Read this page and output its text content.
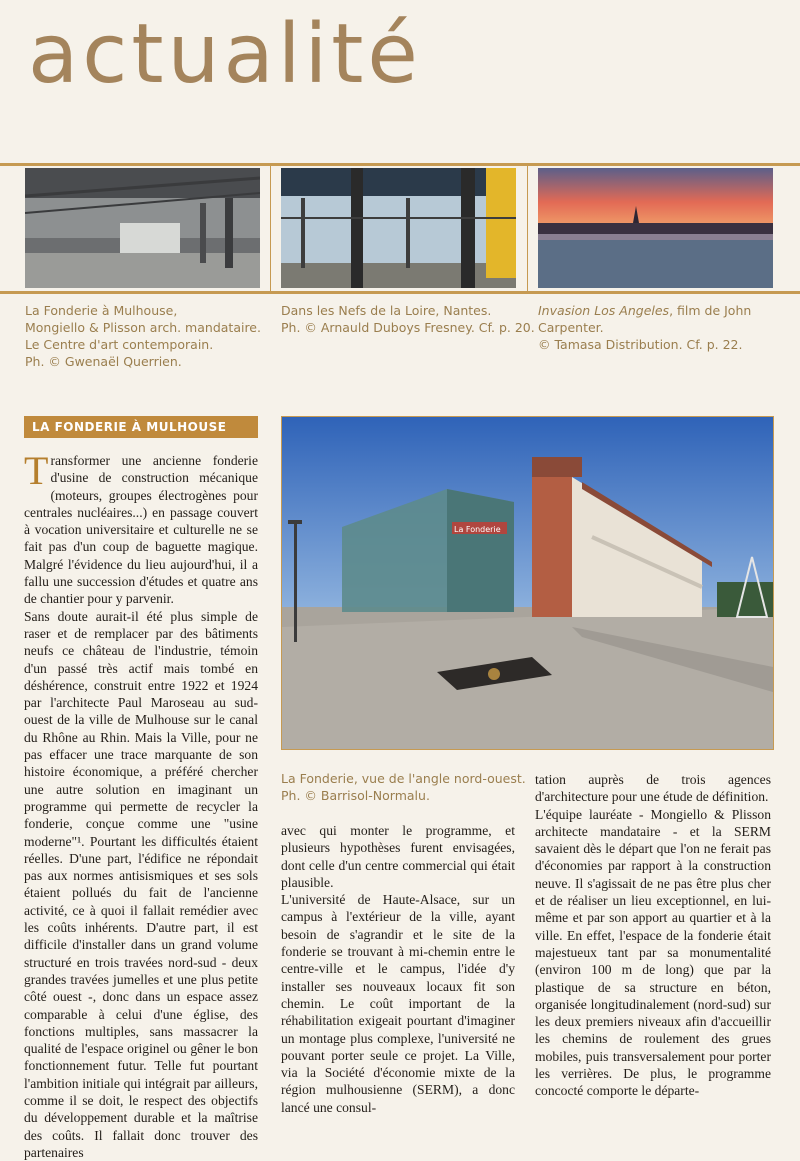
actualité
La Fonderie à Mulhouse,
Mongiello & Plisson arch. mandataire.
Le Centre d'art contemporain.
Ph. © Gwenaël Querrien.
Dans les Nefs de la Loire, Nantes.
Ph. © Arnauld Duboys Fresney. Cf. p. 20.
Invasion Los Angeles, film de John Carpenter.
© Tamasa Distribution. Cf. p. 22.
LA FONDERIE À MULHOUSE
La Fonderie
La Fonderie, vue de l'angle nord-ouest.
Ph. © Barrisol-Normalu.

Transformer une ancienne fonderie d'usine de construction mécanique (moteurs, groupes électrogènes pour centrales nucléaires...) en passage couvert à vocation universitaire et culturelle ne se fait pas d'un coup de baguette magique. Malgré l'évidence du lieu aujourd'hui, il a fallu une succession d'études et quatre ans de chantier pour y parvenir.

Sans doute aurait-il été plus simple de raser et de remplacer par des bâtiments neufs ce château de l'industrie, témoin d'un passé très actif mais tombé en déshérence, construit entre 1922 et 1924 par l'architecte Paul Maroseau au sud-ouest de la ville de Mulhouse sur le canal du Rhône au Rhin. Mais la Ville, pour ne pas effacer une trace marquante de son histoire économique, a préféré chercher une autre solution en imaginant un programme qui permette de recycler la fonderie, conçue comme une "usine moderne"¹. Pourtant les difficultés étaient réelles. D'une part, l'édifice ne répondait pas aux normes antisismiques et ses sols étaient pollués du fait de l'ancienne activité, ce à quoi il fallait remédier avec les coûts inhérents. D'autre part, il est difficile d'installer dans un grand volume structuré en trois travées nord-sud - deux grandes travées jumelles et une plus petite côté ouest -, donc dans un espace assez comparable à celui d'une église, des fonctions multiples, sans massacrer la qualité de l'espace originel ou gêner le bon fonctionnement futur. Telle fut pourtant l'ambition initiale qui intégrait par ailleurs, comme il se doit, le respect des objectifs du développement durable et la maîtrise des coûts. Il fallait donc trouver des partenaires

avec qui monter le programme, et plusieurs hypothèses furent envisagées, dont celle d'un centre commercial qui était plausible.

L'université de Haute-Alsace, sur un campus à l'extérieur de la ville, ayant besoin de s'agrandir et le site de la fonderie se trouvant à mi-chemin entre le centre-ville et le campus, l'idée d'y installer ses nouveaux locaux fit son chemin. Le coût important de la réhabilitation exigeait pourtant d'imaginer un montage plus complexe, l'université ne pouvant porter seule ce projet. La Ville, via la Société d'économie mixte de la région mulhousienne (SERM), a donc lancé une consul-

tation auprès de trois agences d'architecture pour une étude de définition.

L'équipe lauréate - Mongiello & Plisson architecte mandataire - et la SERM savaient dès le départ que l'on ne ferait pas d'économies par rapport à la construction neuve. Il s'agissait de ne pas être plus cher et de réaliser un lieu exceptionnel, en lui-même et par son apport au quartier et à la ville. En effet, l'espace de la fonderie était majestueux tant par sa monumentalité (environ 100 m de long) que par la plastique de sa structure en béton, organisée longitudinalement (nord-sud) sur les deux premiers niveaux afin d'accueillir les chemins de roulement des grues mobiles, puis transversalement pour porter les verrières. De plus, le programme concocté comporte le départe-
